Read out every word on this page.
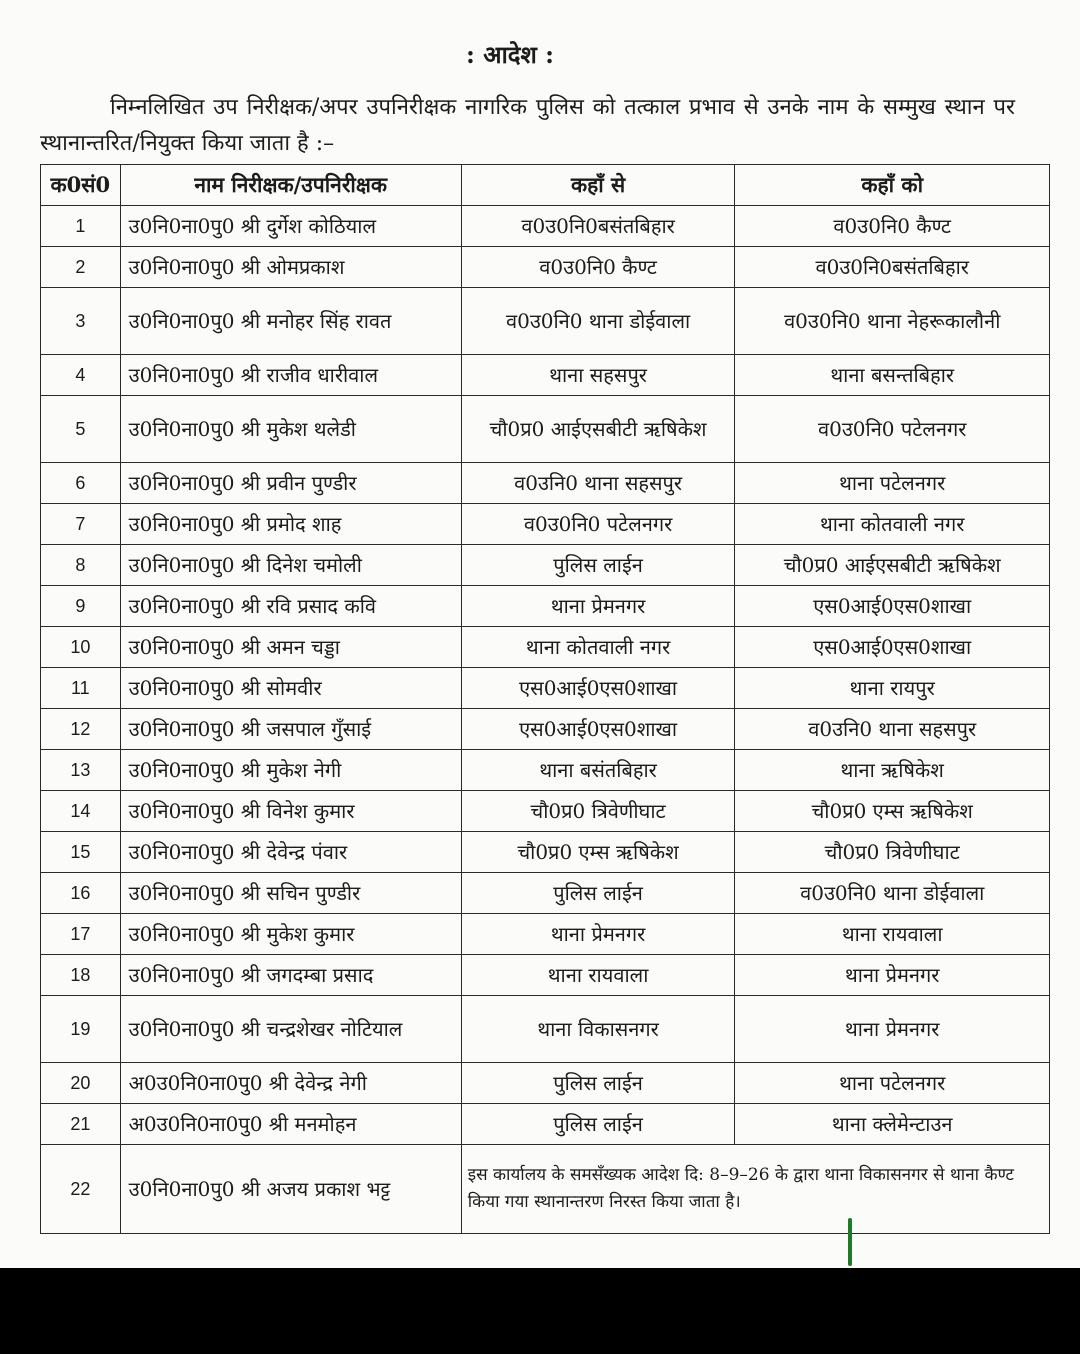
: आदेश :
निम्नलिखित उप निरीक्षक/अपर उपनिरीक्षक नागरिक पुलिस को तत्काल प्रभाव से उनके नाम के सम्मुख स्थान पर स्थानान्तरित/नियुक्त किया जाता है :–
क0सं0	नाम निरीक्षक/उपनिरीक्षक	कहाँ से	कहाँ को
1	उ0नि0ना0पु0 श्री दुर्गेश कोठियाल	व0उ0नि0बसंतबिहार	व0उ0नि0 कैण्ट
2	उ0नि0ना0पु0 श्री ओमप्रकाश	व0उ0नि0 कैण्ट	व0उ0नि0बसंतबिहार
3	उ0नि0ना0पु0 श्री मनोहर सिंह रावत	व0उ0नि0 थाना डोईवाला	व0उ0नि0 थाना नेहरूकालौनी
4	उ0नि0ना0पु0 श्री राजीव धारीवाल	थाना सहसपुर	थाना बसन्तबिहार
5	उ0नि0ना0पु0 श्री मुकेश थलेडी	चौ0प्र0 आईएसबीटी ऋषिकेश	व0उ0नि0 पटेलनगर
6	उ0नि0ना0पु0 श्री प्रवीन पुण्डीर	व0उनि0 थाना सहसपुर	थाना पटेलनगर
7	उ0नि0ना0पु0 श्री प्रमोद शाह	व0उ0नि0 पटेलनगर	थाना कोतवाली नगर
8	उ0नि0ना0पु0 श्री दिनेश चमोली	पुलिस लाईन	चौ0प्र0 आईएसबीटी ऋषिकेश
9	उ0नि0ना0पु0 श्री रवि प्रसाद कवि	थाना प्रेमनगर	एस0आई0एस0शाखा
10	उ0नि0ना0पु0 श्री अमन चड्डा	थाना कोतवाली नगर	एस0आई0एस0शाखा
11	उ0नि0ना0पु0 श्री सोमवीर	एस0आई0एस0शाखा	थाना रायपुर
12	उ0नि0ना0पु0 श्री जसपाल गुँसाई	एस0आई0एस0शाखा	व0उनि0 थाना सहसपुर
13	उ0नि0ना0पु0 श्री मुकेश नेगी	थाना बसंतबिहार	थाना ऋषिकेश
14	उ0नि0ना0पु0 श्री विनेश कुमार	चौ0प्र0 त्रिवेणीघाट	चौ0प्र0 एम्स ऋषिकेश
15	उ0नि0ना0पु0 श्री देवेन्द्र पंवार	चौ0प्र0 एम्स ऋषिकेश	चौ0प्र0 त्रिवेणीघाट
16	उ0नि0ना0पु0 श्री सचिन पुण्डीर	पुलिस लाईन	व0उ0नि0 थाना डोईवाला
17	उ0नि0ना0पु0 श्री मुकेश कुमार	थाना प्रेमनगर	थाना रायवाला
18	उ0नि0ना0पु0 श्री जगदम्बा प्रसाद	थाना रायवाला	थाना प्रेमनगर
19	उ0नि0ना0पु0 श्री चन्द्रशेखर नोटियाल	थाना विकासनगर	थाना प्रेमनगर
20	अ0उ0नि0ना0पु0 श्री देवेन्द्र नेगी	पुलिस लाईन	थाना पटेलनगर
21	अ0उ0नि0ना0पु0 श्री मनमोहन	पुलिस लाईन	थाना क्लेमेन्टाउन
22	उ0नि0ना0पु0 श्री अजय प्रकाश भट्ट	इस कार्यालय के समसँख्यक आदेश दि: 8–9–26 के द्वारा थाना विकासनगर से थाना कैण्ट किया गया स्थानान्तरण निरस्त किया जाता है।	
